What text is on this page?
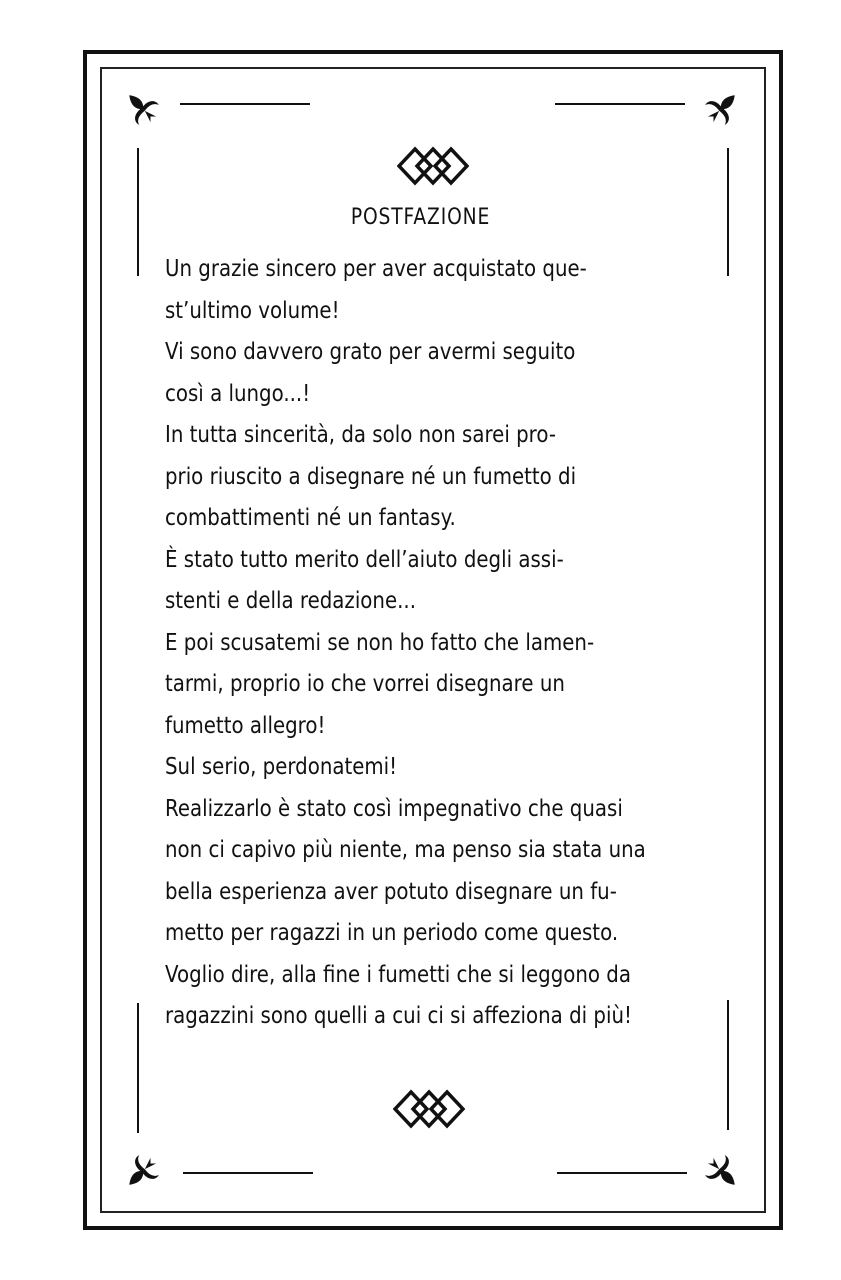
POSTFAZIONE
Un grazie sincero per aver acquistato que-
st’ultimo volume!
Vi sono davvero grato per avermi seguito
così a lungo...!
In tutta sincerità, da solo non sarei pro-
prio riuscito a disegnare né un fumetto di
combattimenti né un fantasy.
È stato tutto merito dell’aiuto degli assi-
stenti e della redazione...
E poi scusatemi se non ho fatto che lamen-
tarmi, proprio io che vorrei disegnare un
fumetto allegro!
Sul serio, perdonatemi!
Realizzarlo è stato così impegnativo che quasi
non ci capivo più niente, ma penso sia stata una
bella esperienza aver potuto disegnare un fu-
metto per ragazzi in un periodo come questo.
Voglio dire, alla fine i fumetti che si leggono da
ragazzini sono quelli a cui ci si affeziona di più!
